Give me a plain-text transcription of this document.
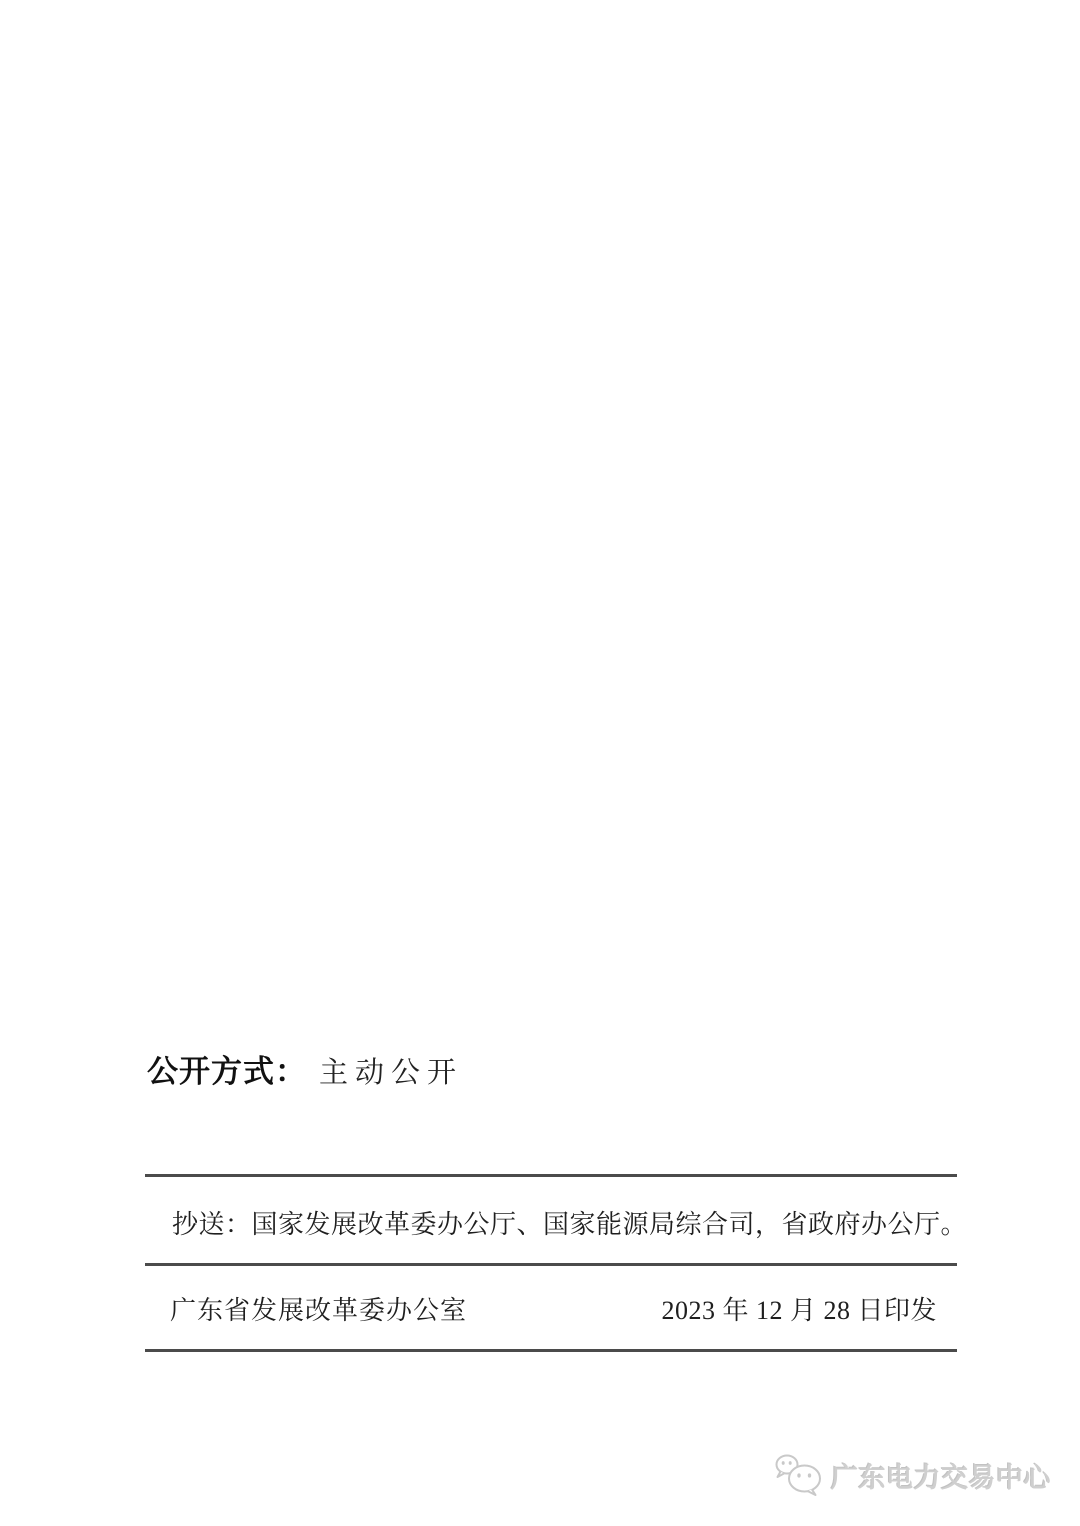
公开方式： 主动公开
抄送：国家发展改革委办公厅、国家能源局综合司，省政府办公厅。
广东省发展改革委办公室	2023 年 12 月 28 日印发
广东电力交易中心
